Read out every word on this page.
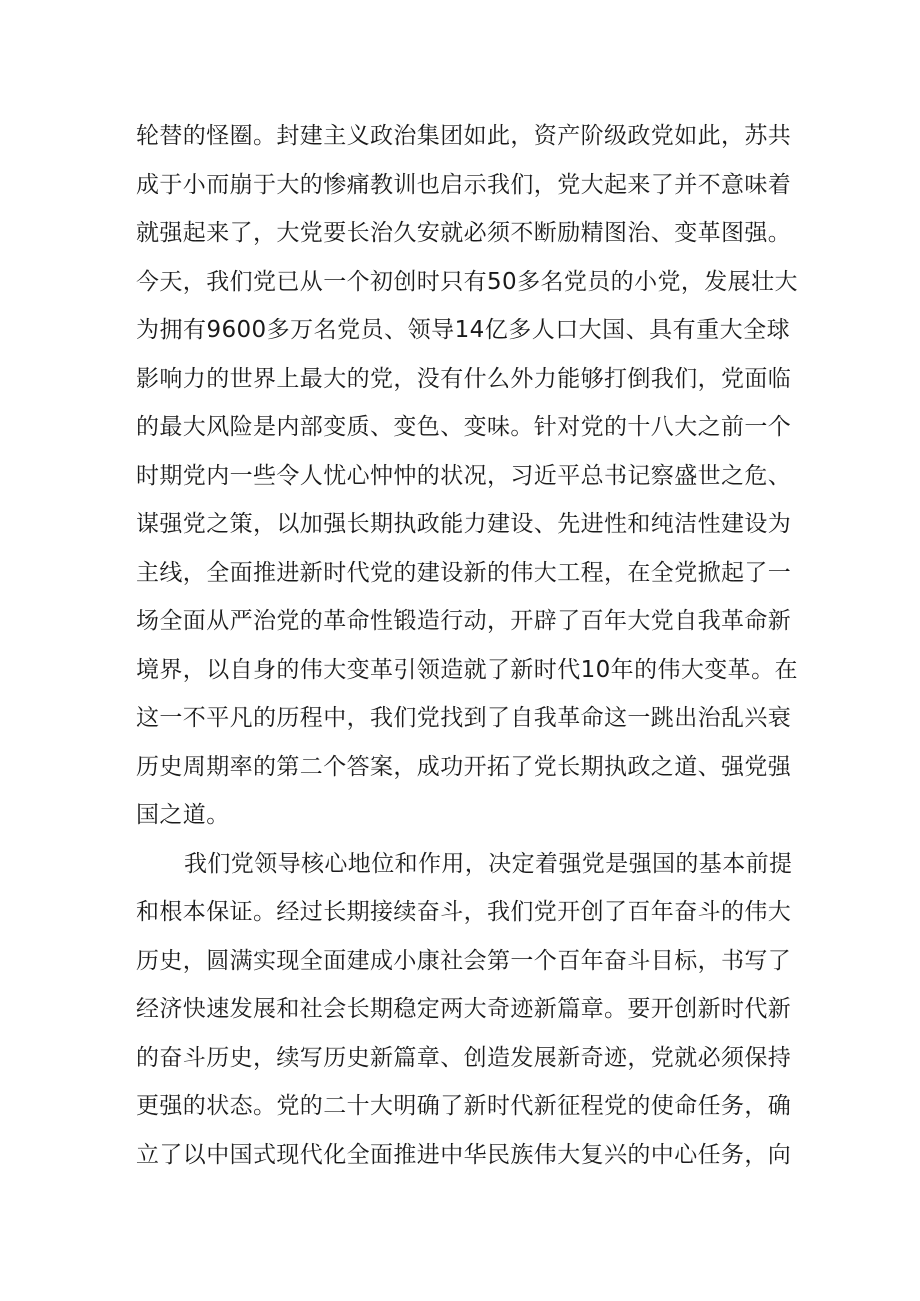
轮替的怪圈。封建主义政治集团如此，资产阶级政党如此，苏共
成于小而崩于大的惨痛教训也启示我们，党大起来了并不意味着
就强起来了，大党要长治久安就必须不断励精图治、变革图强。
今天，我们党已从一个初创时只有50多名党员的小党，发展壮大
为拥有9600多万名党员、领导14亿多人口大国、具有重大全球
影响力的世界上最大的党，没有什么外力能够打倒我们，党面临
的最大风险是内部变质、变色、变味。针对党的十八大之前一个
时期党内一些令人忧心忡忡的状况，习近平总书记察盛世之危、
谋强党之策，以加强长期执政能力建设、先进性和纯洁性建设为
主线，全面推进新时代党的建设新的伟大工程，在全党掀起了一
场全面从严治党的革命性锻造行动，开辟了百年大党自我革命新
境界，以自身的伟大变革引领造就了新时代10年的伟大变革。在
这一不平凡的历程中，我们党找到了自我革命这一跳出治乱兴衰
历史周期率的第二个答案，成功开拓了党长期执政之道、强党强
国之道。
我们党领导核心地位和作用，决定着强党是强国的基本前提
和根本保证。经过长期接续奋斗，我们党开创了百年奋斗的伟大
历史，圆满实现全面建成小康社会第一个百年奋斗目标，书写了
经济快速发展和社会长期稳定两大奇迹新篇章。要开创新时代新
的奋斗历史，续写历史新篇章、创造发展新奇迹，党就必须保持
更强的状态。党的二十大明确了新时代新征程党的使命任务，确
立了以中国式现代化全面推进中华民族伟大复兴的中心任务，向
